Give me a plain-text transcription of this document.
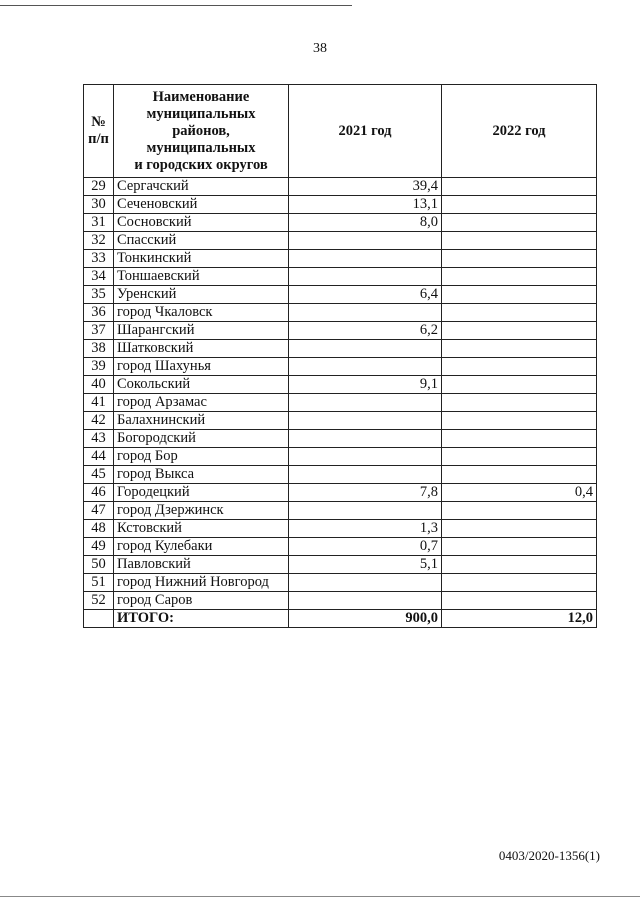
38
№ п/п	Наименование
муниципальных
районов,
муниципальных
и городских округов	2021 год	2022 год
29	Сергачский	39,4	
30	Сеченовский	13,1	
31	Сосновский	8,0	
32	Спасский		
33	Тонкинский		
34	Тоншаевский		
35	Уренский	6,4	
36	город Чкаловск		
37	Шарангский	6,2	
38	Шатковский		
39	город Шахунья		
40	Сокольский	9,1	
41	город Арзамас		
42	Балахнинский		
43	Богородский		
44	город Бор		
45	город Выкса		
46	Городецкий	7,8	0,4
47	город Дзержинск		
48	Кстовский	1,3	
49	город Кулебаки	0,7	
50	Павловский	5,1	
51	город Нижний Новгород		
52	город Саров		
	ИТОГО:	900,0	12,0
0403/2020-1356(1)
